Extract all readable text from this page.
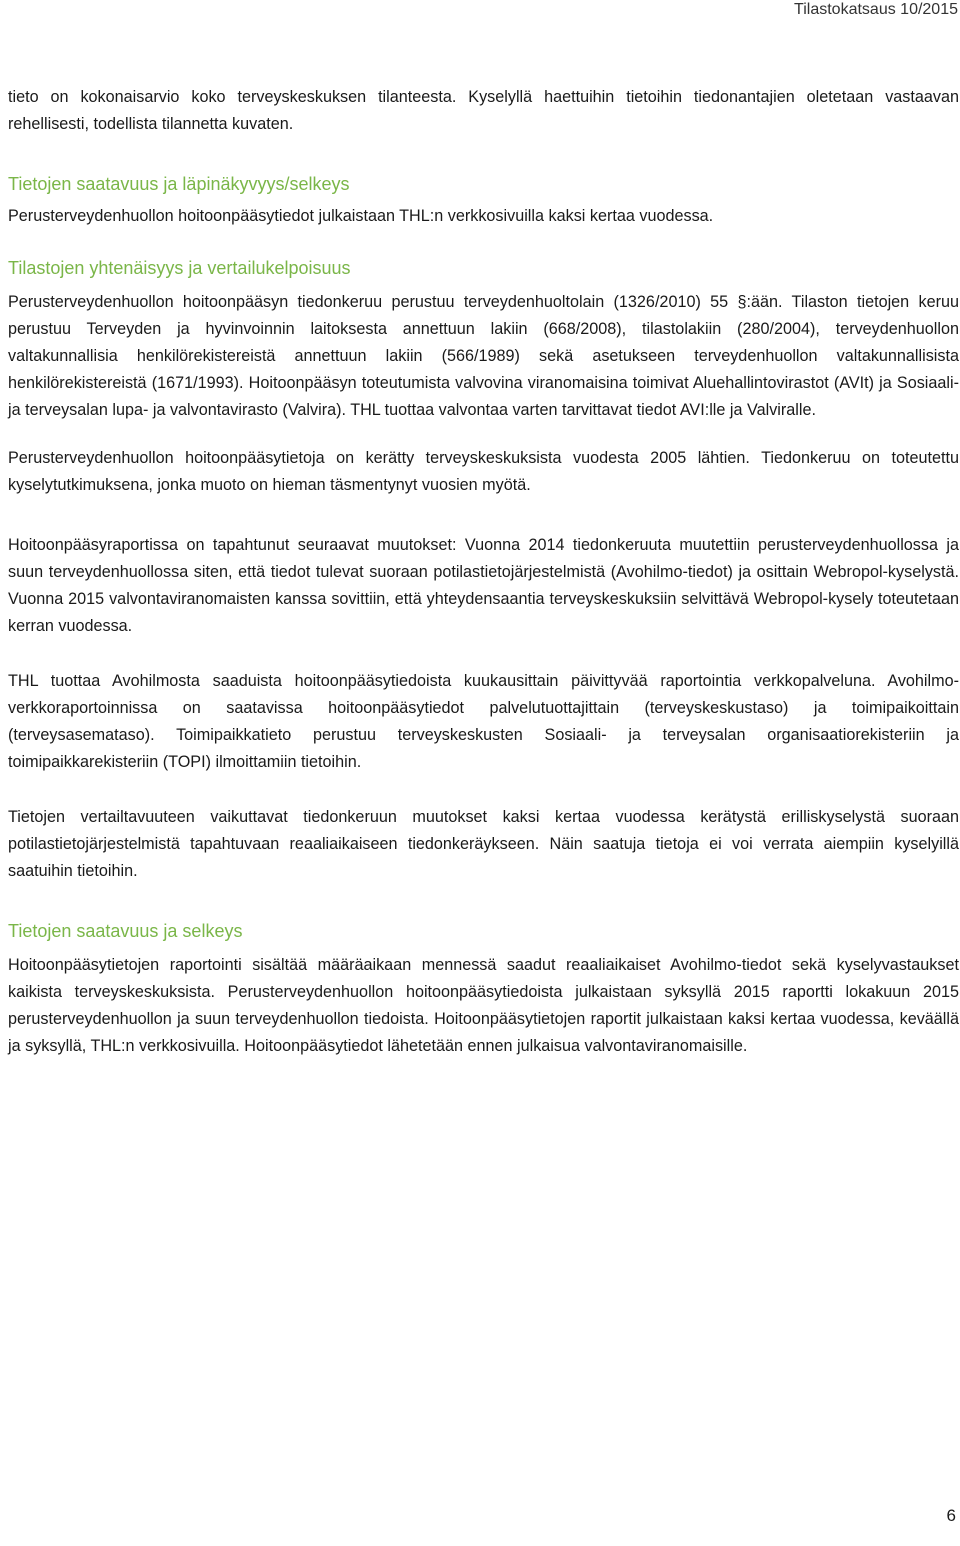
Tilastokatsaus 10/2015

tieto on kokonaisarvio koko terveyskeskuksen tilanteesta. Kyselyllä haettuihin tietoihin tiedonantajien oletetaan vastaavan rehellisesti, todellista tilannetta kuvaten.

Tietojen saatavuus ja läpinäkyvyys/selkeys

Perusterveydenhuollon hoitoonpääsytiedot julkaistaan THL:n verkkosivuilla kaksi kertaa vuodessa.

Tilastojen yhtenäisyys ja vertailukelpoisuus

Perusterveydenhuollon hoitoonpääsyn tiedonkeruu perustuu terveydenhuoltolain (1326/2010) 55 §:ään. Tilaston tietojen keruu perustuu Terveyden ja hyvinvoinnin laitoksesta annettuun lakiin (668/2008), tilastolakiin (280/2004), terveydenhuollon valtakunnallisia henkilörekistereistä annettuun lakiin (566/1989) sekä asetukseen terveydenhuollon valtakunnallisista henkilörekistereistä (1671/1993). Hoitoonpääsyn toteutumista valvovina viranomaisina toimivat Aluehallintovirastot (AVIt) ja Sosiaali- ja terveysalan lupa- ja valvontavirasto (Valvira). THL tuottaa valvontaa varten tarvittavat tiedot AVI:lle ja Valviralle.

Perusterveydenhuollon hoitoonpääsytietoja on kerätty terveyskeskuksista vuodesta 2005 lähtien. Tiedonkeruu on toteutettu kyselytutkimuksena, jonka muoto on hieman täsmentynyt vuosien myötä.

Hoitoonpääsyraportissa on tapahtunut seuraavat muutokset: Vuonna 2014 tiedonkeruuta muutettiin perusterveydenhuollossa ja suun terveydenhuollossa siten, että tiedot tulevat suoraan potilastietojärjestelmistä (Avohilmo-tiedot) ja osittain Webropol-kyselystä. Vuonna 2015 valvontaviranomaisten kanssa sovittiin, että yhteydensaantia terveyskeskuksiin selvittävä Webropol-kysely toteutetaan kerran vuodessa.

THL tuottaa Avohilmosta saaduista hoitoonpääsytiedoista kuukausittain päivittyvää raportointia verkkopalveluna. Avohilmo-verkkoraportoinnissa on saatavissa hoitoonpääsytiedot palvelutuottajittain (terveyskeskustaso) ja toimipaikoittain (terveysasemataso). Toimipaikkatieto perustuu terveyskeskusten Sosiaali- ja terveysalan organisaatiorekisteriin ja toimipaikkarekisteriin (TOPI) ilmoittamiin tietoihin.

Tietojen vertailtavuuteen vaikuttavat tiedonkeruun muutokset kaksi kertaa vuodessa kerätystä erilliskyselystä suoraan potilastietojärjestelmistä tapahtuvaan reaaliaikaiseen tiedonkeräykseen. Näin saatuja tietoja ei voi verrata aiempiin kyselyillä saatuihin tietoihin.

Tietojen saatavuus ja selkeys

Hoitoonpääsytietojen raportointi sisältää määräaikaan mennessä saadut reaaliaikaiset Avohilmo-tiedot sekä kyselyvastaukset kaikista terveyskeskuksista. Perusterveydenhuollon hoitoonpääsytiedoista julkaistaan syksyllä 2015 raportti lokakuun 2015 perusterveydenhuollon ja suun terveydenhuollon tiedoista. Hoitoonpääsytietojen raportit julkaistaan kaksi kertaa vuodessa, keväällä ja syksyllä, THL:n verkkosivuilla. Hoitoonpääsytiedot lähetetään ennen julkaisua valvontaviranomaisille.

6
